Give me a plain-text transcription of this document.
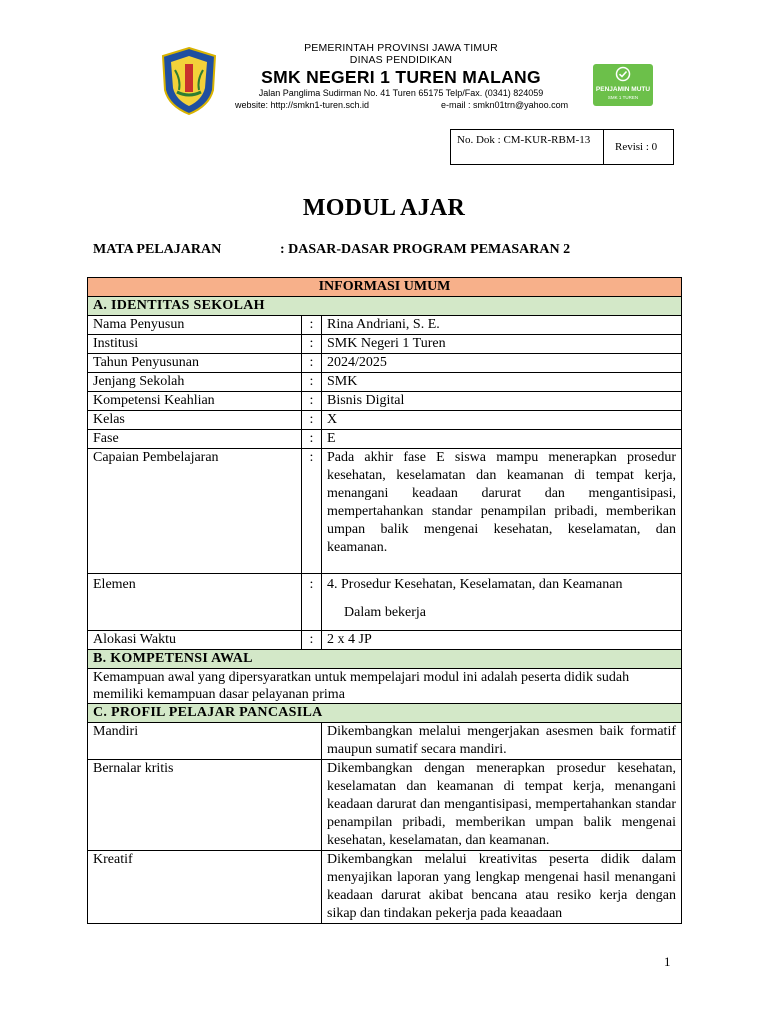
PEMERINTAH PROVINSI JAWA TIMUR
DINAS PENDIDIKAN
SMK NEGERI 1 TUREN MALANG
Jalan Panglima Sudirman No. 41 Turen 65175 Telp/Fax. (0341) 824059
website: http://smkn1-turen.sch.id	e-mail : smkn01trn@yahoo.com
PENJAMIN MUTU
SMK 1 TUREN
No. Dok : CM-KUR-RBM-13
Revisi : 0
MODUL AJAR
MATA PELAJARAN	: DASAR-DASAR PROGRAM PEMASARAN 2
INFORMASI UMUM		
A. IDENTITAS SEKOLAH		
Nama Penyusun	:	Rina Andriani, S. E.
Institusi	:	SMK Negeri 1 Turen
Tahun Penyusunan	:	2024/2025
Jenjang Sekolah	:	SMK
Kompetensi Keahlian	:	Bisnis Digital
Kelas	:	X
Fase	:	E
Capaian Pembelajaran	:	Pada akhir fase E siswa mampu menerapkan prosedur kesehatan, keselamatan dan keamanan di tempat kerja, menangani keadaan darurat dan mengantisipasi, mempertahankan standar penampilan pribadi, memberikan umpan balik mengenai kesehatan, keselamatan, dan keamanan.
Elemen	:	4. Prosedur Kesehatan, Keselamatan, dan Keamanan
Dalam bekerja

Alokasi Waktu	:	2 x 4 JP
B. KOMPETENSI AWAL		
Kemampuan awal yang dipersyaratkan untuk mempelajari modul ini adalah peserta didik sudah memiliki kemampuan dasar pelayanan prima		
C. PROFIL PELAJAR PANCASILA		
Mandiri		Dikembangkan melalui mengerjakan asesmen baik formatif maupun sumatif secara mandiri.
Bernalar kritis		Dikembangkan dengan menerapkan prosedur kesehatan, keselamatan dan keamanan di tempat kerja, menangani keadaan darurat dan mengantisipasi, mempertahankan standar penampilan pribadi, memberikan umpan balik mengenai kesehatan, keselamatan, dan keamanan.
Kreatif		Dikembangkan melalui kreativitas peserta didik dalam menyajikan laporan yang lengkap mengenai hasil menangani keadaan darurat akibat bencana atau resiko kerja dengan sikap dan tindakan pekerja pada keaadaan
1
